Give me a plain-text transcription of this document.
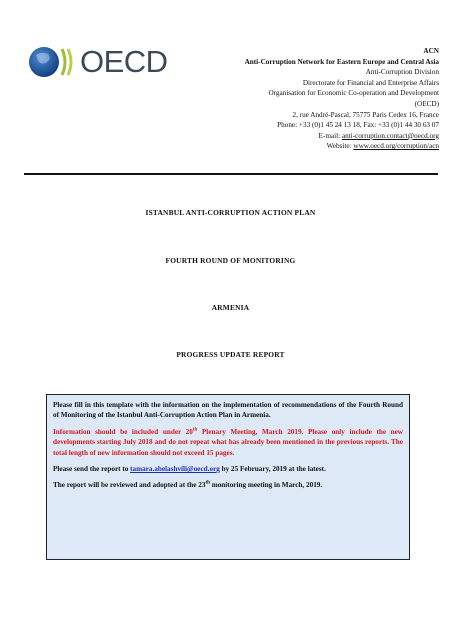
OECD	ACN
Anti-Corruption Network for Eastern Europe and Central Asia
Anti-Corruption Division
Directorate for Financial and Enterprise Affairs
Organisation for Economic Co-operation and Development
(OECD)
2, rue André-Pascal, 75775 Paris Cedex 16, France
Phone: +33 (0)1 45 24 13 18, Fax: +33 (0)1 44 30 63 07
E-mail: anti-corruption.contact@oecd.org
Website: www.oecd.org/corruption/acn
ISTANBUL ANTI-CORRUPTION ACTION PLAN
FOURTH ROUND OF MONITORING
ARMENIA
PROGRESS UPDATE REPORT

Please fill in this template with the information on the implementation of recommendations of the Fourth Round of Monitoring of the Istanbul Anti-Corruption Action Plan in Armenia.

Information should be included under 20th Plenary Meeting, March 2019. Please only include the new developments starting July 2018 and do not repeat what has already been mentioned in the previous reports. The total length of new information should not exceed 15 pages.

Please send the report to tamara.abelashvili@oecd.org by 25 February, 2019 at the latest.

The report will be reviewed and adopted at the 23th monitoring meeting in March, 2019.
